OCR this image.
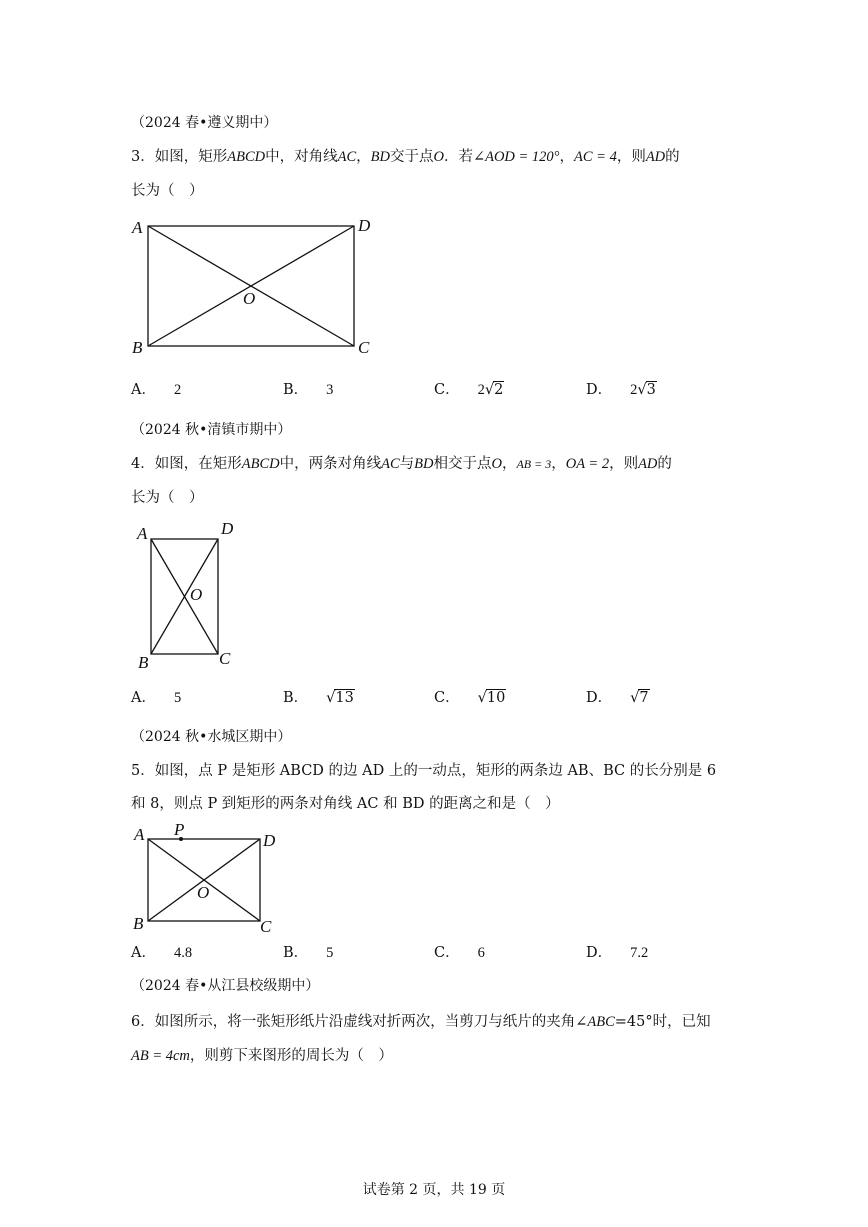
（2024 春•遵义期中）
3．如图，矩形ABCD中，对角线AC，BD交于点O．若∠AOD = 120°，AC = 4，则AD的
长为（　）
A	D
O
B	C
A． 2	B． 3	C． 2√2	D． 2√3
（2024 秋•清镇市期中）
4．如图，在矩形ABCD中，两条对角线AC与BD相交于点O，AB = 3，OA = 2，则AD的
长为（　）
A	D
O
B	C
A． 5	B． √13	C． √10	D． √7
（2024 秋•水城区期中）
5．如图，点 P 是矩形 ABCD 的边 AD 上的一动点，矩形的两条边 AB、BC 的长分别是 6
和 8，则点 P 到矩形的两条对角线 AC 和 BD 的距离之和是（　）
A P
D
O
B	C
A． 4.8	B． 5	C． 6	D． 7.2
（2024 春•从江县校级期中）
6．如图所示，将一张矩形纸片沿虚线对折两次，当剪刀与纸片的夹角∠ABC=45°时，已知
AB = 4cm，则剪下来图形的周长为（　）
试卷第 2 页，共 19 页
